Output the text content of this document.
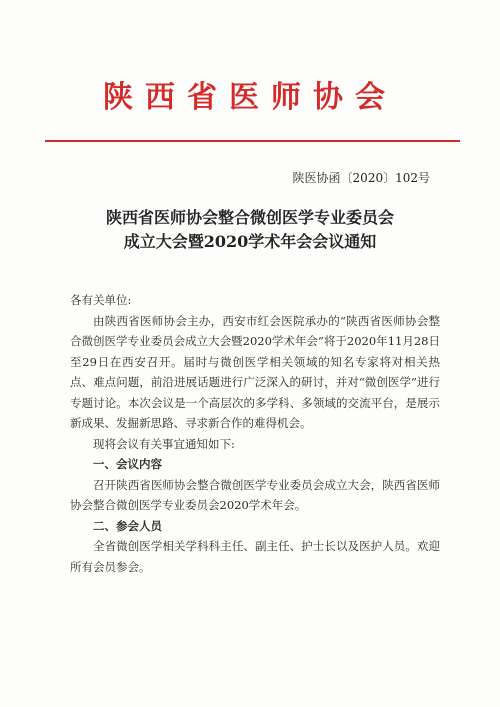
陕西省医师协会
陕医协函〔2020〕102号
陕西省医师协会整合微创医学专业委员会
成立大会暨2020学术年会会议通知

各有关单位:

由陕西省医师协会主办，西安市红会医院承办的“陕西省医师协会整合微创医学专业委员会成立大会暨2020学术年会”将于2020年11月28日至29日在西安召开。届时与微创医学相关领域的知名专家将对相关热点、难点问题，前沿进展话题进行广泛深入的研讨，并对“微创医学”进行专题讨论。本次会议是一个高层次的多学科、多领域的交流平台，是展示新成果、发掘新思路、寻求新合作的难得机会。

现将会议有关事宜通知如下:

一、会议内容

召开陕西省医师协会整合微创医学专业委员会成立大会，陕西省医师协会整合微创医学专业委员会2020学术年会。

二、参会人员

全省微创医学相关学科科主任、副主任、护士长以及医护人员。欢迎所有会员参会。
